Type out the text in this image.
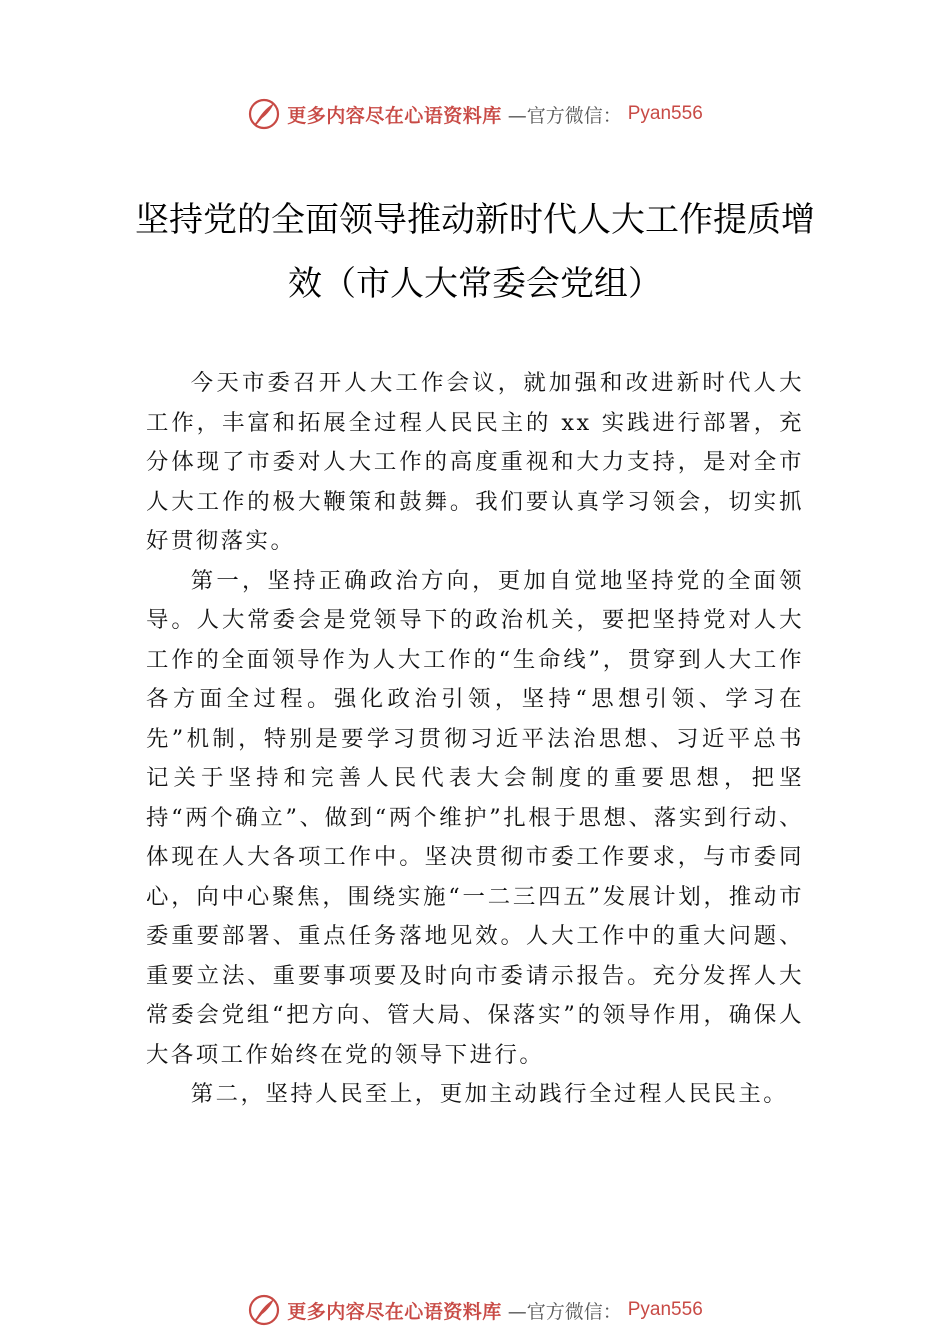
更多内容尽在心语资料库 —官方微信： Pyan556
坚持党的全面领导推动新时代人大工作提质增效（市人大常委会党组）

今天市委召开人大工作会议，就加强和改进新时代人大工作，丰富和拓展全过程人民民主的 xx 实践进行部署，充分体现了市委对人大工作的高度重视和大力支持，是对全市人大工作的极大鞭策和鼓舞。我们要认真学习领会，切实抓好贯彻落实。

第一，坚持正确政治方向，更加自觉地坚持党的全面领导。人大常委会是党领导下的政治机关，要把坚持党对人大工作的全面领导作为人大工作的“生命线”，贯穿到人大工作各方面全过程。强化政治引领，坚持“思想引领、学习在先”机制，特别是要学习贯彻习近平法治思想、习近平总书记关于坚持和完善人民代表大会制度的重要思想，把坚持“两个确立”、做到“两个维护”扎根于思想、落实到行动、体现在人大各项工作中。坚决贯彻市委工作要求，与市委同心，向中心聚焦，围绕实施“一二三四五”发展计划，推动市委重要部署、重点任务落地见效。人大工作中的重大问题、重要立法、重要事项要及时向市委请示报告。充分发挥人大常委会党组“把方向、管大局、保落实”的领导作用，确保人大各项工作始终在党的领导下进行。

第二，坚持人民至上，更加主动践行全过程人民民主。

更多内容尽在心语资料库 —官方微信： Pyan556
